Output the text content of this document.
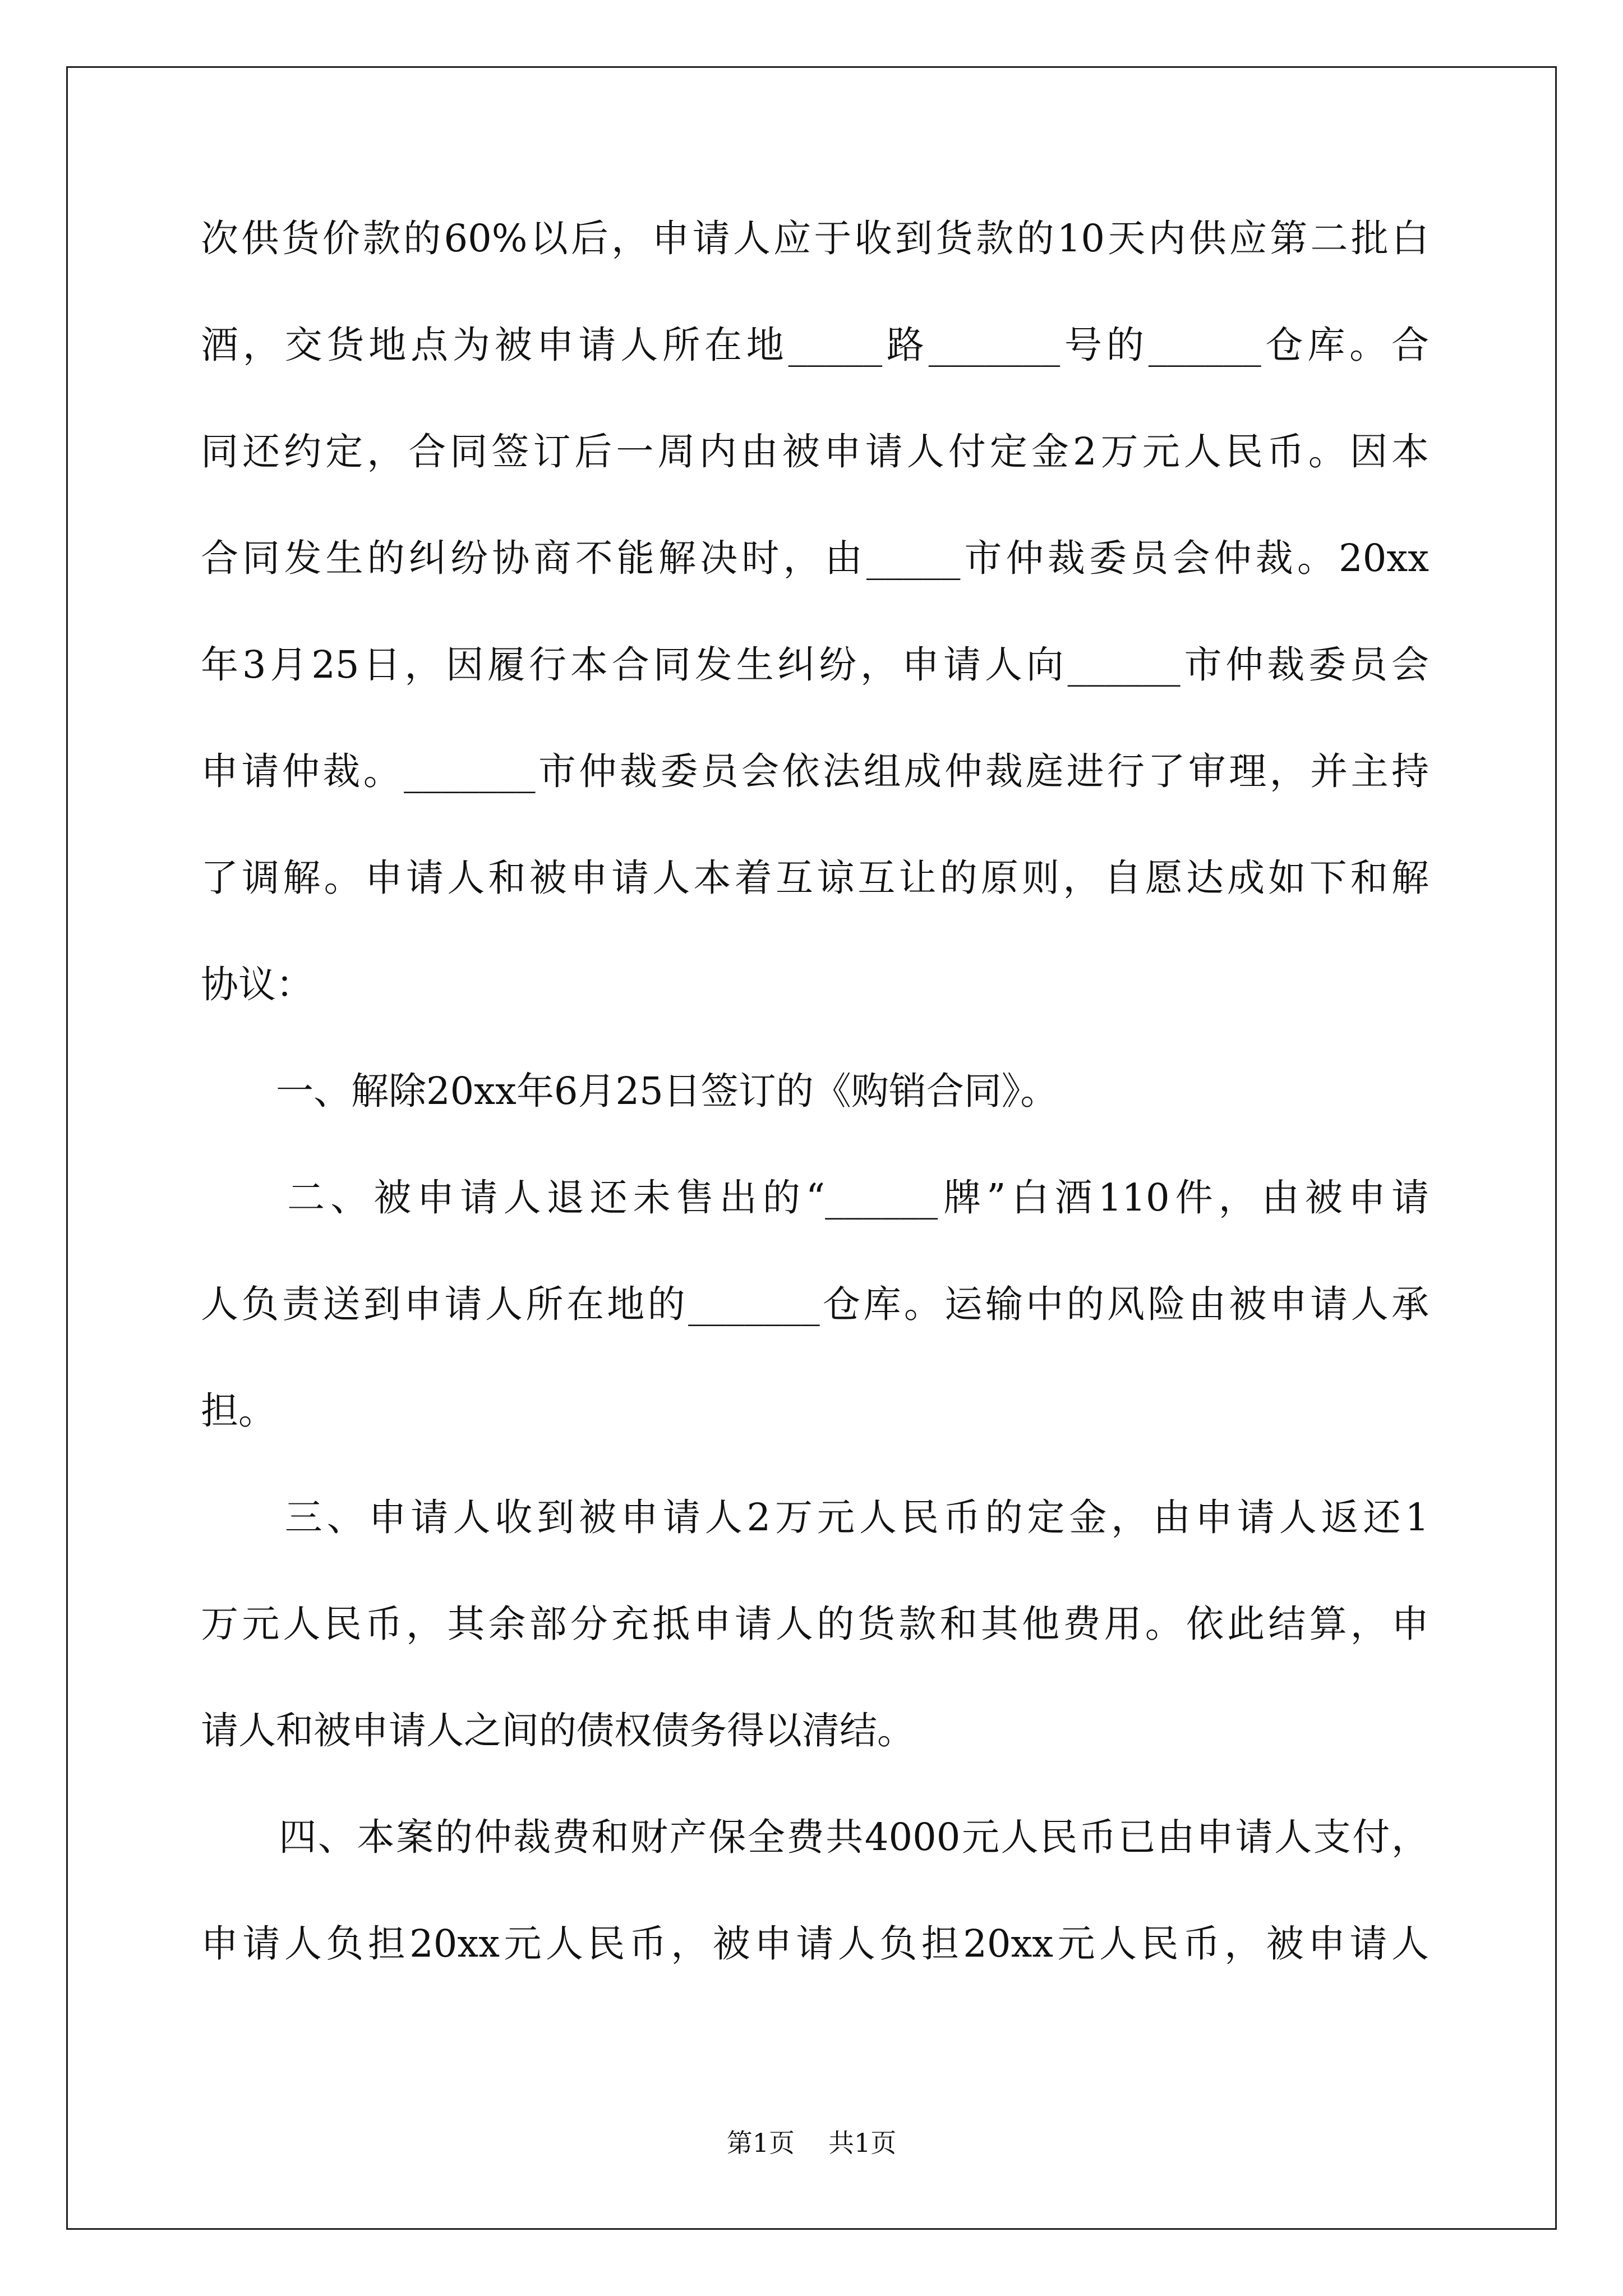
次供货价款的60%以后，申请人应于收到货款的10天内供应第二批白
酒，交货地点为被申请人所在地_____路_______号的______仓库。合
同还约定，合同签订后一周内由被申请人付定金2万元人民币。因本
合同发生的纠纷协商不能解决时，由_____市仲裁委员会仲裁。20xx
年3月25日，因履行本合同发生纠纷，申请人向______市仲裁委员会
申请仲裁。_______市仲裁委员会依法组成仲裁庭进行了审理，并主持
了调解。申请人和被申请人本着互谅互让的原则，自愿达成如下和解
协议：
　　一、解除20xx年6月25日签订的《购销合同》。
　　二、被申请人退还未售出的“______牌”白酒110件，由被申请
人负责送到申请人所在地的_______仓库。运输中的风险由被申请人承
担。
　　三、申请人收到被申请人2万元人民币的定金，由申请人返还1
万元人民币，其余部分充抵申请人的货款和其他费用。依此结算，申
请人和被申请人之间的债权债务得以清结。
　　四、本案的仲裁费和财产保全费共4000元人民币已由申请人支付，
申请人负担20xx元人民币，被申请人负担20xx元人民币，被申请人
第1页 共1页
